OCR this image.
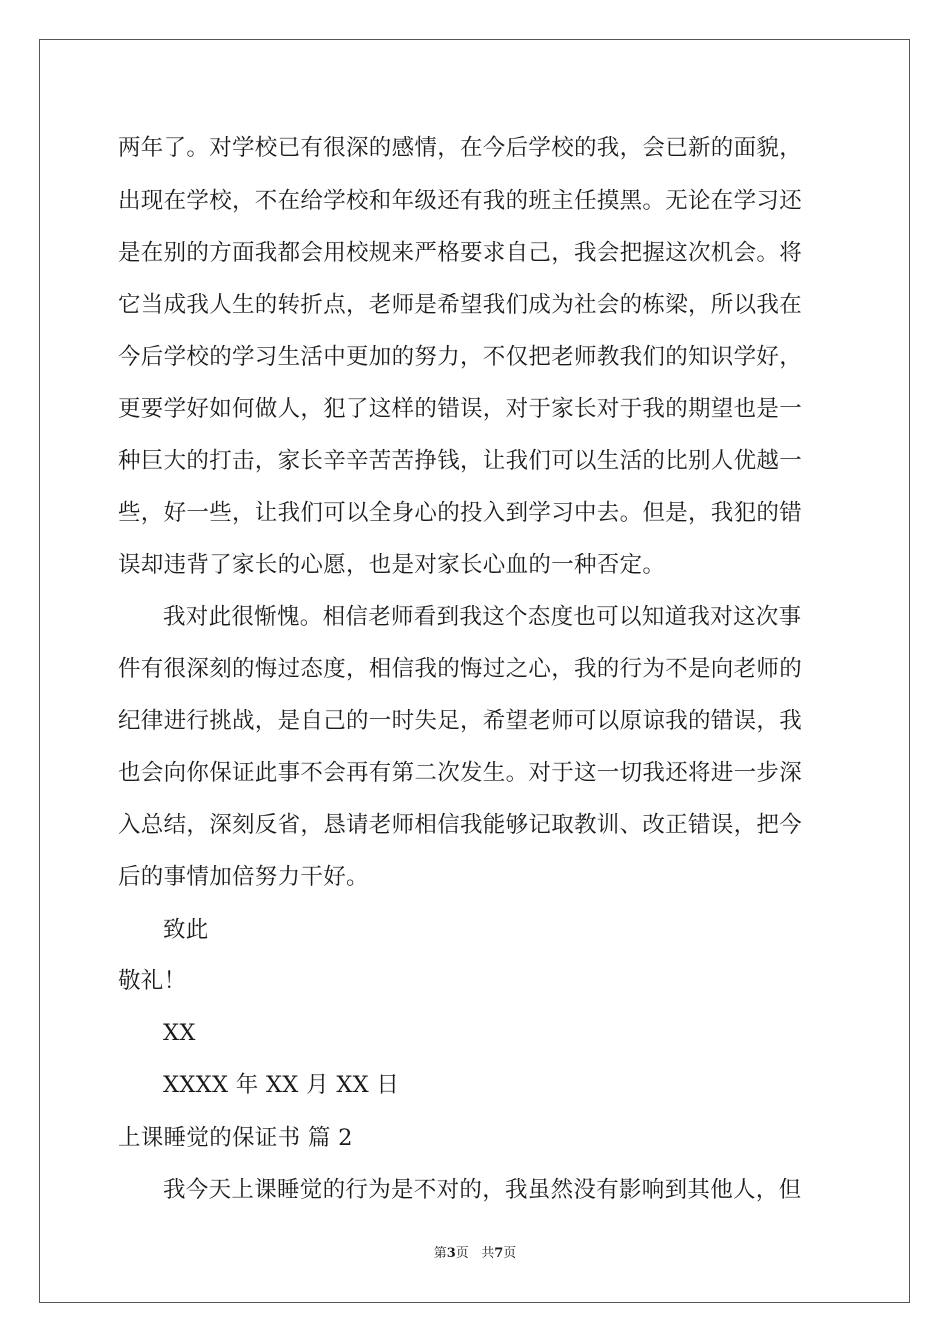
两年了。对学校已有很深的感情，在今后学校的我，会已新的面貌，
出现在学校，不在给学校和年级还有我的班主任摸黑。无论在学习还
是在别的方面我都会用校规来严格要求自己，我会把握这次机会。将
它当成我人生的转折点，老师是希望我们成为社会的栋梁，所以我在
今后学校的学习生活中更加的努力，不仅把老师教我们的知识学好，
更要学好如何做人，犯了这样的错误，对于家长对于我的期望也是一
种巨大的打击，家长辛辛苦苦挣钱，让我们可以生活的比别人优越一
些，好一些，让我们可以全身心的投入到学习中去。但是，我犯的错
误却违背了家长的心愿，也是对家长心血的一种否定。
我对此很惭愧。相信老师看到我这个态度也可以知道我对这次事
件有很深刻的悔过态度，相信我的悔过之心，我的行为不是向老师的
纪律进行挑战，是自己的一时失足，希望老师可以原谅我的错误，我
也会向你保证此事不会再有第二次发生。对于这一切我还将进一步深
入总结，深刻反省，恳请老师相信我能够记取教训、改正错误，把今
后的事情加倍努力干好。
致此
敬礼！
XX
XXXX 年 XX 月 XX 日
上课睡觉的保证书 篇 2
我今天上课睡觉的行为是不对的，我虽然没有影响到其他人，但
第3页 共7页
